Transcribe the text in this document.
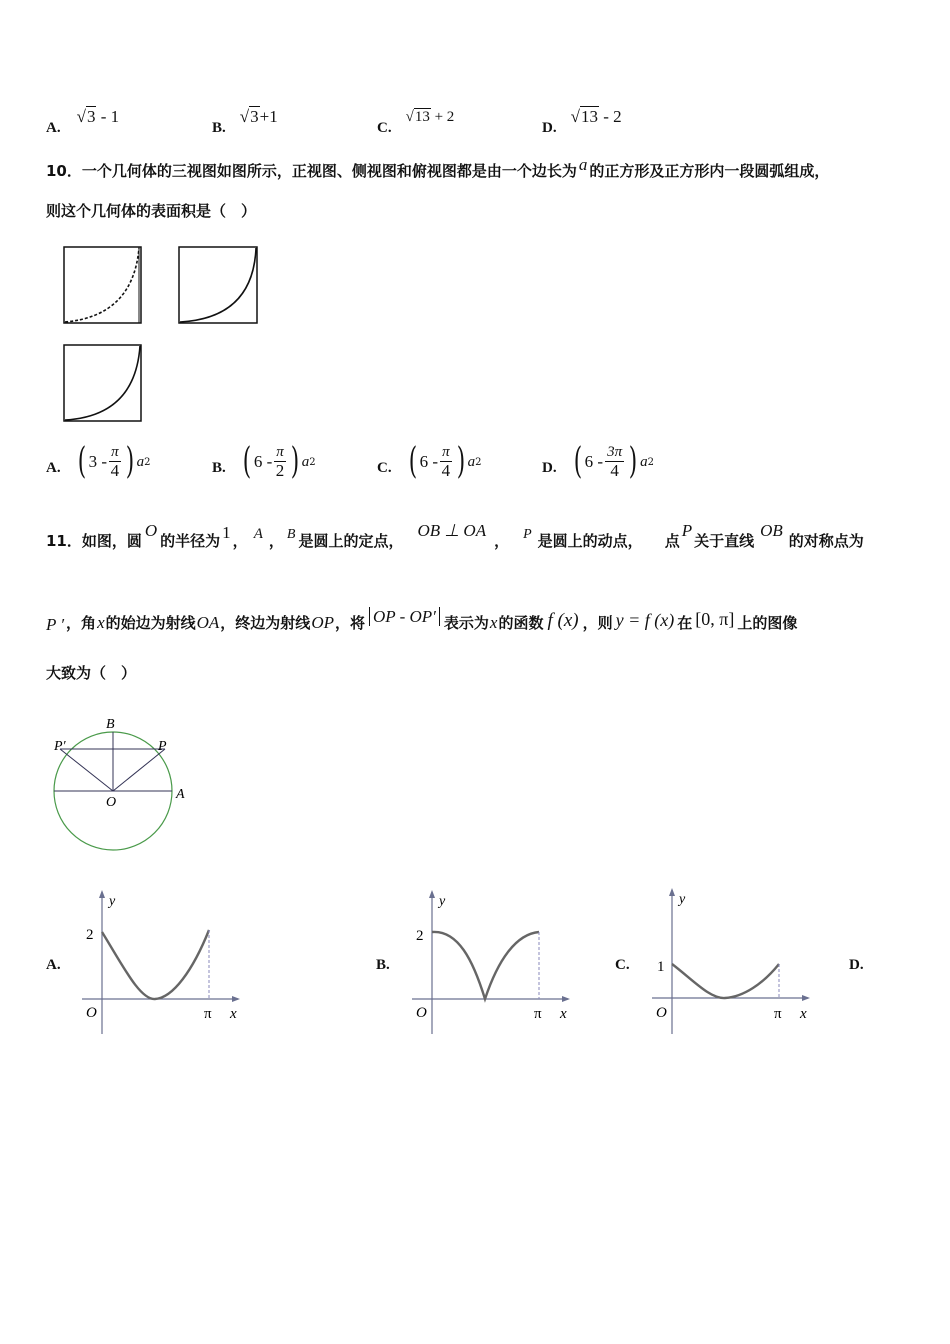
A.
√3 - 1
B.
√3+1
C.
√13 + 2
D.
√13 - 2
10．一个几何体的三视图如图所示，正视图、侧视图和俯视图都是由一个边长为 a 的正方形及正方形内一段圆弧组成，
则这个几何体的表面积是（　）
A. ( $3 - \frac{\pi}{4}$ ) a 2	B. ( $6 - \frac{\pi}{2}$ ) a 2	C. ( $6 - \frac{\pi}{4}$ ) a 2	D. ( $6 - \frac{3\pi}{4}$ ) a 2
11．如图，圆O的半径为 1 ， A ， B 是圆上的定点，OB ⊥ OA， P 是圆上的动点， 点P关于直线OB的对称点为
P ′ ，角x的始边为射线OA，终边为射线OP，将 OP - OP′ 表示为x的函数 f (x) ，则 y = f (x) 在 [0, π] 上的图像
大致为（　）
B
P
P′
O
A
A.
y
2
O	π x
B.
y
2
O	π x
C.
y
1
O	π x
D.
